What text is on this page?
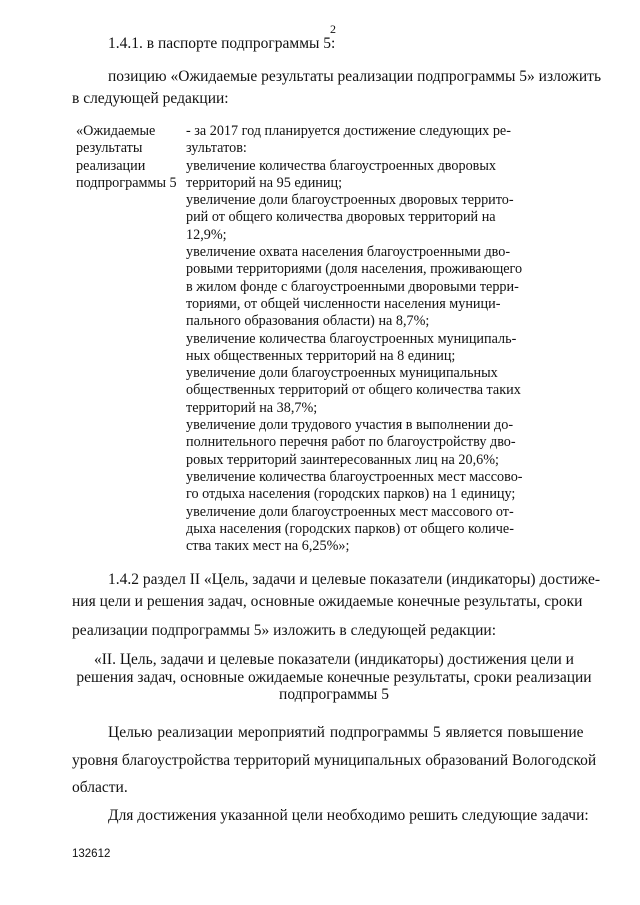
2
1.4.1. в паспорте подпрограммы 5:
позицию «Ожидаемые результаты реализации подпрограммы 5» изложить
в следующей редакции:
«Ожидаемые
результаты
реализации
подпрограммы 5
- за 2017 год планируется достижение следующих ре-
зультатов:
увеличение количества благоустроенных дворовых
территорий на 95 единиц;
увеличение доли благоустроенных дворовых террито-
рий от общего количества дворовых территорий на
12,9%;
увеличение охвата населения благоустроенными дво-
ровыми территориями (доля населения, проживающего
в жилом фонде с благоустроенными дворовыми терри-
ториями, от общей численности населения муници-
пального образования области) на 8,7%;
увеличение количества благоустроенных муниципаль-
ных общественных территорий на 8 единиц;
увеличение доли благоустроенных муниципальных
общественных территорий от общего количества таких
территорий на 38,7%;
увеличение доли трудового участия в выполнении до-
полнительного перечня работ по благоустройству дво-
ровых территорий заинтересованных лиц на 20,6%;
увеличение количества благоустроенных мест массово-
го отдыха населения (городских парков) на 1 единицу;
увеличение доли благоустроенных мест массового от-
дыха населения (городских парков) от общего количе-
ства таких мест на 6,25%»;
1.4.2 раздел II «Цель, задачи и целевые показатели (индикаторы) достиже-
ния цели и решения задач, основные ожидаемые конечные результаты, сроки
реализации подпрограммы 5» изложить в следующей редакции:
«II. Цель, задачи и целевые показатели (индикаторы) достижения цели и
решения задач, основные ожидаемые конечные результаты, сроки реализации
подпрограммы 5
Целью реализации мероприятий подпрограммы 5 является повышение
уровня благоустройства территорий муниципальных образований Вологодской
области.
Для достижения указанной цели необходимо решить следующие задачи:
132612
